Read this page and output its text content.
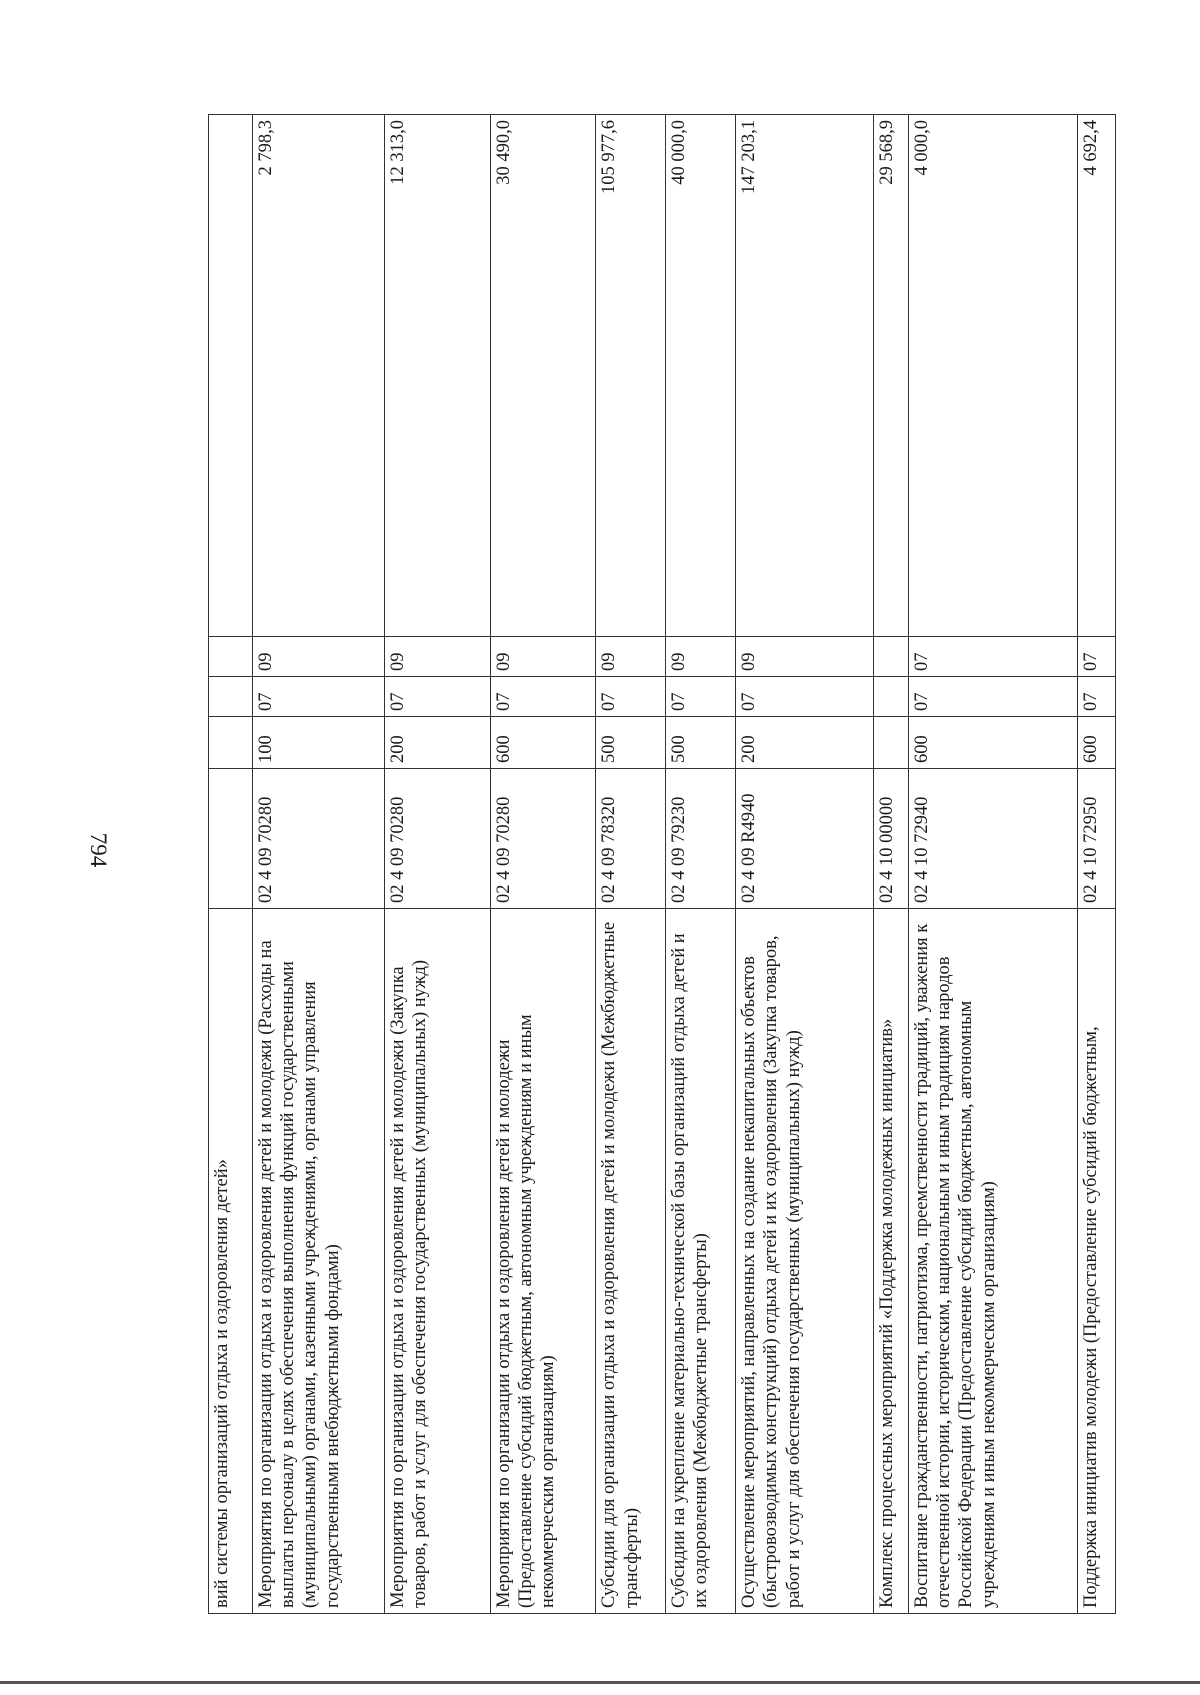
794
вий системы организаций отдыха и оздоровления детей»					
Мероприятия по организации отдыха и оздоровления детей и молодежи (Расходы на выплаты персоналу в целях обеспечения выполнения функций государственными (муниципальными) органами, казенными учреждениями, органами управления государственными внебюджетными фондами)	02 4 09 70280	100	07	09	2 798,3
Мероприятия по организации отдыха и оздоровления детей и молодежи (Закупка товаров, работ и услуг для обеспечения государственных (муниципальных) нужд)	02 4 09 70280	200	07	09	12 313,0
Мероприятия по организации отдыха и оздоровления детей и молодежи (Предоставление субсидий бюджетным, автономным учреждениям и иным некоммерческим организациям)	02 4 09 70280	600	07	09	30 490,0
Субсидии для организации отдыха и оздоровления детей и молодежи (Межбюджетные трансферты)	02 4 09 78320	500	07	09	105 977,6
Субсидии на укрепление материально-технической базы организаций отдыха детей и их оздоровления (Межбюджетные трансферты)	02 4 09 79230	500	07	09	40 000,0
Осуществление мероприятий, направленных на создание некапитальных объектов (быстровозводимых конструкций) отдыха детей и их оздоровления (Закупка товаров, работ и услуг для обеспечения государственных (муниципальных) нужд)	02 4 09 R4940	200	07	09	147 203,1
Комплекс процессных мероприятий «Поддержка молодежных инициатив»	02 4 10 00000				29 568,9
Воспитание гражданственности, патриотизма, преемственности традиций, уважения к отечественной истории, историческим, национальным и иным традициям народов Российской Федерации (Предоставление субсидий бюджетным, автономным учреждениям и иным некоммерческим организациям)	02 4 10 72940	600	07	07	4 000,0
Поддержка инициатив молодежи (Предоставление субсидий бюджетным,	02 4 10 72950	600	07	07	4 692,4
